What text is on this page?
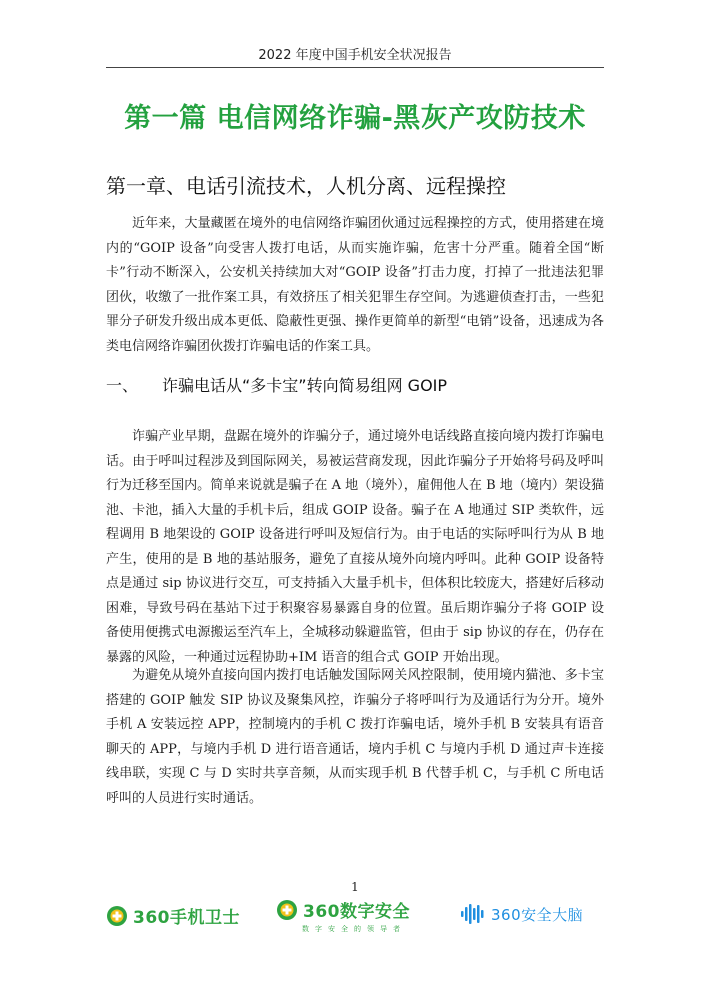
2022 年度中国手机安全状况报告
第一篇 电信网络诈骗-黑灰产攻防技术
第一章、电话引流技术，人机分离、远程操控

近年来，大量藏匿在境外的电信网络诈骗团伙通过远程操控的方式，使用搭建在境内的“GOIP 设备”向受害人拨打电话，从而实施诈骗，危害十分严重。随着全国“断卡”行动不断深入，公安机关持续加大对“GOIP 设备”打击力度，打掉了一批违法犯罪团伙，收缴了一批作案工具，有效挤压了相关犯罪生存空间。为逃避侦查打击，一些犯罪分子研发升级出成本更低、隐蔽性更强、操作更简单的新型“电销”设备，迅速成为各类电信网络诈骗团伙拨打诈骗电话的作案工具。

一、 诈骗电话从“多卡宝”转向简易组网 GOIP

诈骗产业早期，盘踞在境外的诈骗分子，通过境外电话线路直接向境内拨打诈骗电话。由于呼叫过程涉及到国际网关，易被运营商发现，因此诈骗分子开始将号码及呼叫行为迁移至国内。简单来说就是骗子在 A 地（境外），雇佣他人在 B 地（境内）架设猫池、卡池，插入大量的手机卡后，组成 GOIP 设备。骗子在 A 地通过 SIP 类软件，远程调用 B 地架设的 GOIP 设备进行呼叫及短信行为。由于电话的实际呼叫行为从 B 地产生，使用的是 B 地的基站服务，避免了直接从境外向境内呼叫。此种 GOIP 设备特点是通过 sip 协议进行交互，可支持插入大量手机卡，但体积比较庞大，搭建好后移动困难，导致号码在基站下过于积聚容易暴露自身的位置。虽后期诈骗分子将 GOIP 设备使用便携式电源搬运至汽车上，全城移动躲避监管，但由于 sip 协议的存在，仍存在暴露的风险，一种通过远程协助+IM 语音的组合式 GOIP 开始出现。

为避免从境外直接向国内拨打电话触发国际网关风控限制，使用境内猫池、多卡宝搭建的 GOIP 触发 SIP 协议及聚集风控，诈骗分子将呼叫行为及通话行为分开。境外手机 A 安装远控 APP，控制境内的手机 C 拨打诈骗电话，境外手机 B 安装具有语音聊天的 APP，与境内手机 D 进行语音通话，境内手机 C 与境内手机 D 通过声卡连接线串联，实现 C 与 D 实时共享音频，从而实现手机 B 代替手机 C，与手机 C 所电话呼叫的人员进行实时通话。

1
360手机卫士	360数字安全
数字安全的领导者
360安全大脑
